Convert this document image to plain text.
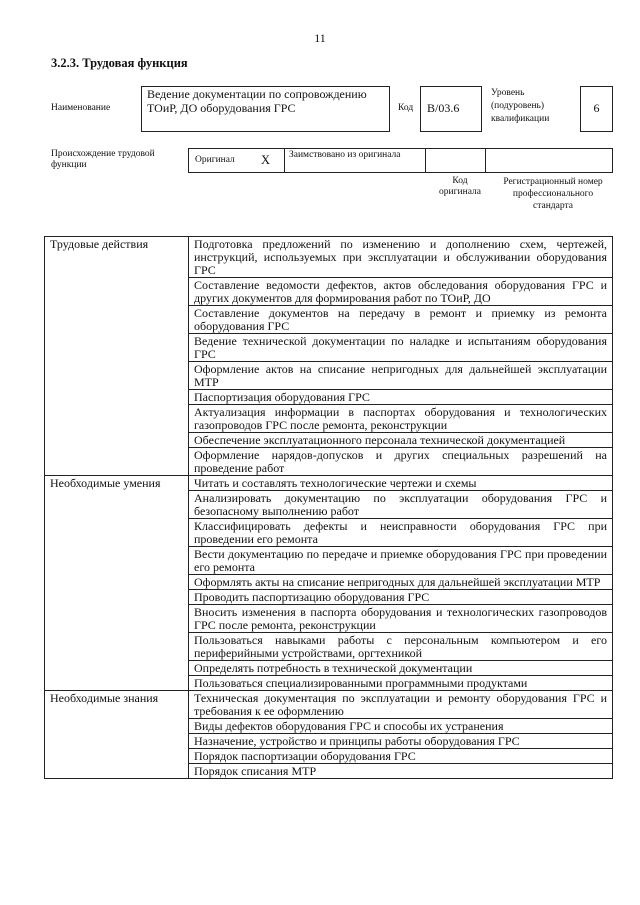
11
3.2.3. Трудовая функция
Наименование
Ведение документации по сопровождению ТОиР, ДО оборудования ГРС	Код	В/03.6
Уровень (подуровень) квалификации
6
Происхождение трудовой функции	Оригинал X	Заимствовано из оригинала
Код оригинала
Регистрационный номер профессионального стандарта
Трудовые действия	Подготовка предложений по изменению и дополнению схем, чертежей, инструкций, используемых при эксплуатации и обслуживании оборудования ГРС
	Составление ведомости дефектов, актов обследования оборудования ГРС и других документов для формирования работ по ТОиР, ДО
	Составление документов на передачу в ремонт и приемку из ремонта оборудования ГРС
	Ведение технической документации по наладке и испытаниям оборудования ГРС
	Оформление актов на списание непригодных для дальнейшей эксплуатации МТР
	Паспортизация оборудования ГРС
	Актуализация информации в паспортах оборудования и технологических газопроводов ГРС после ремонта, реконструкции
	Обеспечение эксплуатационного персонала технической документацией
	Оформление нарядов-допусков и других специальных разрешений на проведение работ
Необходимые умения	Читать и составлять технологические чертежи и схемы
	Анализировать документацию по эксплуатации оборудования ГРС и безопасному выполнению работ
	Классифицировать дефекты и неисправности оборудования ГРС при проведении его ремонта
	Вести документацию по передаче и приемке оборудования ГРС при проведении его ремонта
	Оформлять акты на списание непригодных для дальнейшей эксплуатации МТР
	Проводить паспортизацию оборудования ГРС
	Вносить изменения в паспорта оборудования и технологических газопроводов ГРС после ремонта, реконструкции
	Пользоваться навыками работы с персональным компьютером и его периферийными устройствами, оргтехникой
	Определять потребность в технической документации
	Пользоваться специализированными программными продуктами
Необходимые знания	Техническая документация по эксплуатации и ремонту оборудования ГРС и требования к ее оформлению
	Виды дефектов оборудования ГРС и способы их устранения
	Назначение, устройство и принципы работы оборудования ГРС
	Порядок паспортизации оборудования ГРС
	Порядок списания МТР
